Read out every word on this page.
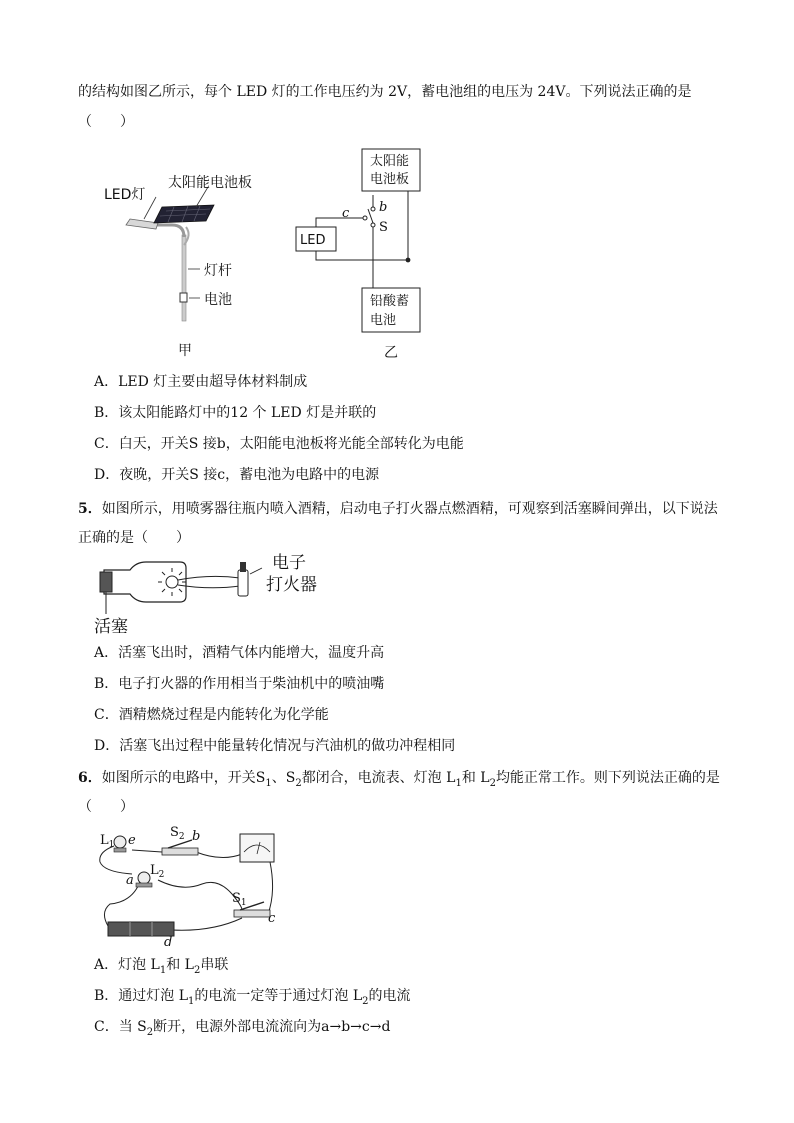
的结构如图乙所示，每个 LED 灯的工作电压约为 2V，蓄电池组的电压为 24V。下列说法正确的是
（　　）
LED灯
太阳能电池板
灯杆
电池
甲
太阳能
电池板
铅酸蓄
电池
LED
c b
S
乙
A．LED 灯主要由超导体材料制成
B．该太阳能路灯中的12 个 LED 灯是并联的
C．白天，开关S 接b，太阳能电池板将光能全部转化为电能
D．夜晚，开关S 接c，蓄电池为电路中的电源
5．如图所示，用喷雾器往瓶内喷入酒精，启动电子打火器点燃酒精，可观察到活塞瞬间弹出，以下说法
正确的是（　　）
电子
打火器
活塞
A．活塞飞出时，酒精气体内能增大，温度升高
B．电子打火器的作用相当于柴油机中的喷油嘴
C．酒精燃烧过程是内能转化为化学能
D．活塞飞出过程中能量转化情况与汽油机的做功冲程相同
6．如图所示的电路中，开关$S_1$、$S_2$都闭合，电流表、灯泡 $L_1$和 $L_2$均能正常工作。则下列说法正确的是
（　　）
$L_1$ e
$S_2$ b
a
$L_2$
$S_1$
c
d
A．灯泡 $L_1$和 $L_2$串联
B．通过灯泡 $L_1$的电流一定等于通过灯泡 $L_2$的电流
C．当 $S_2$断开，电源外部电流流向为a→b→c→d
